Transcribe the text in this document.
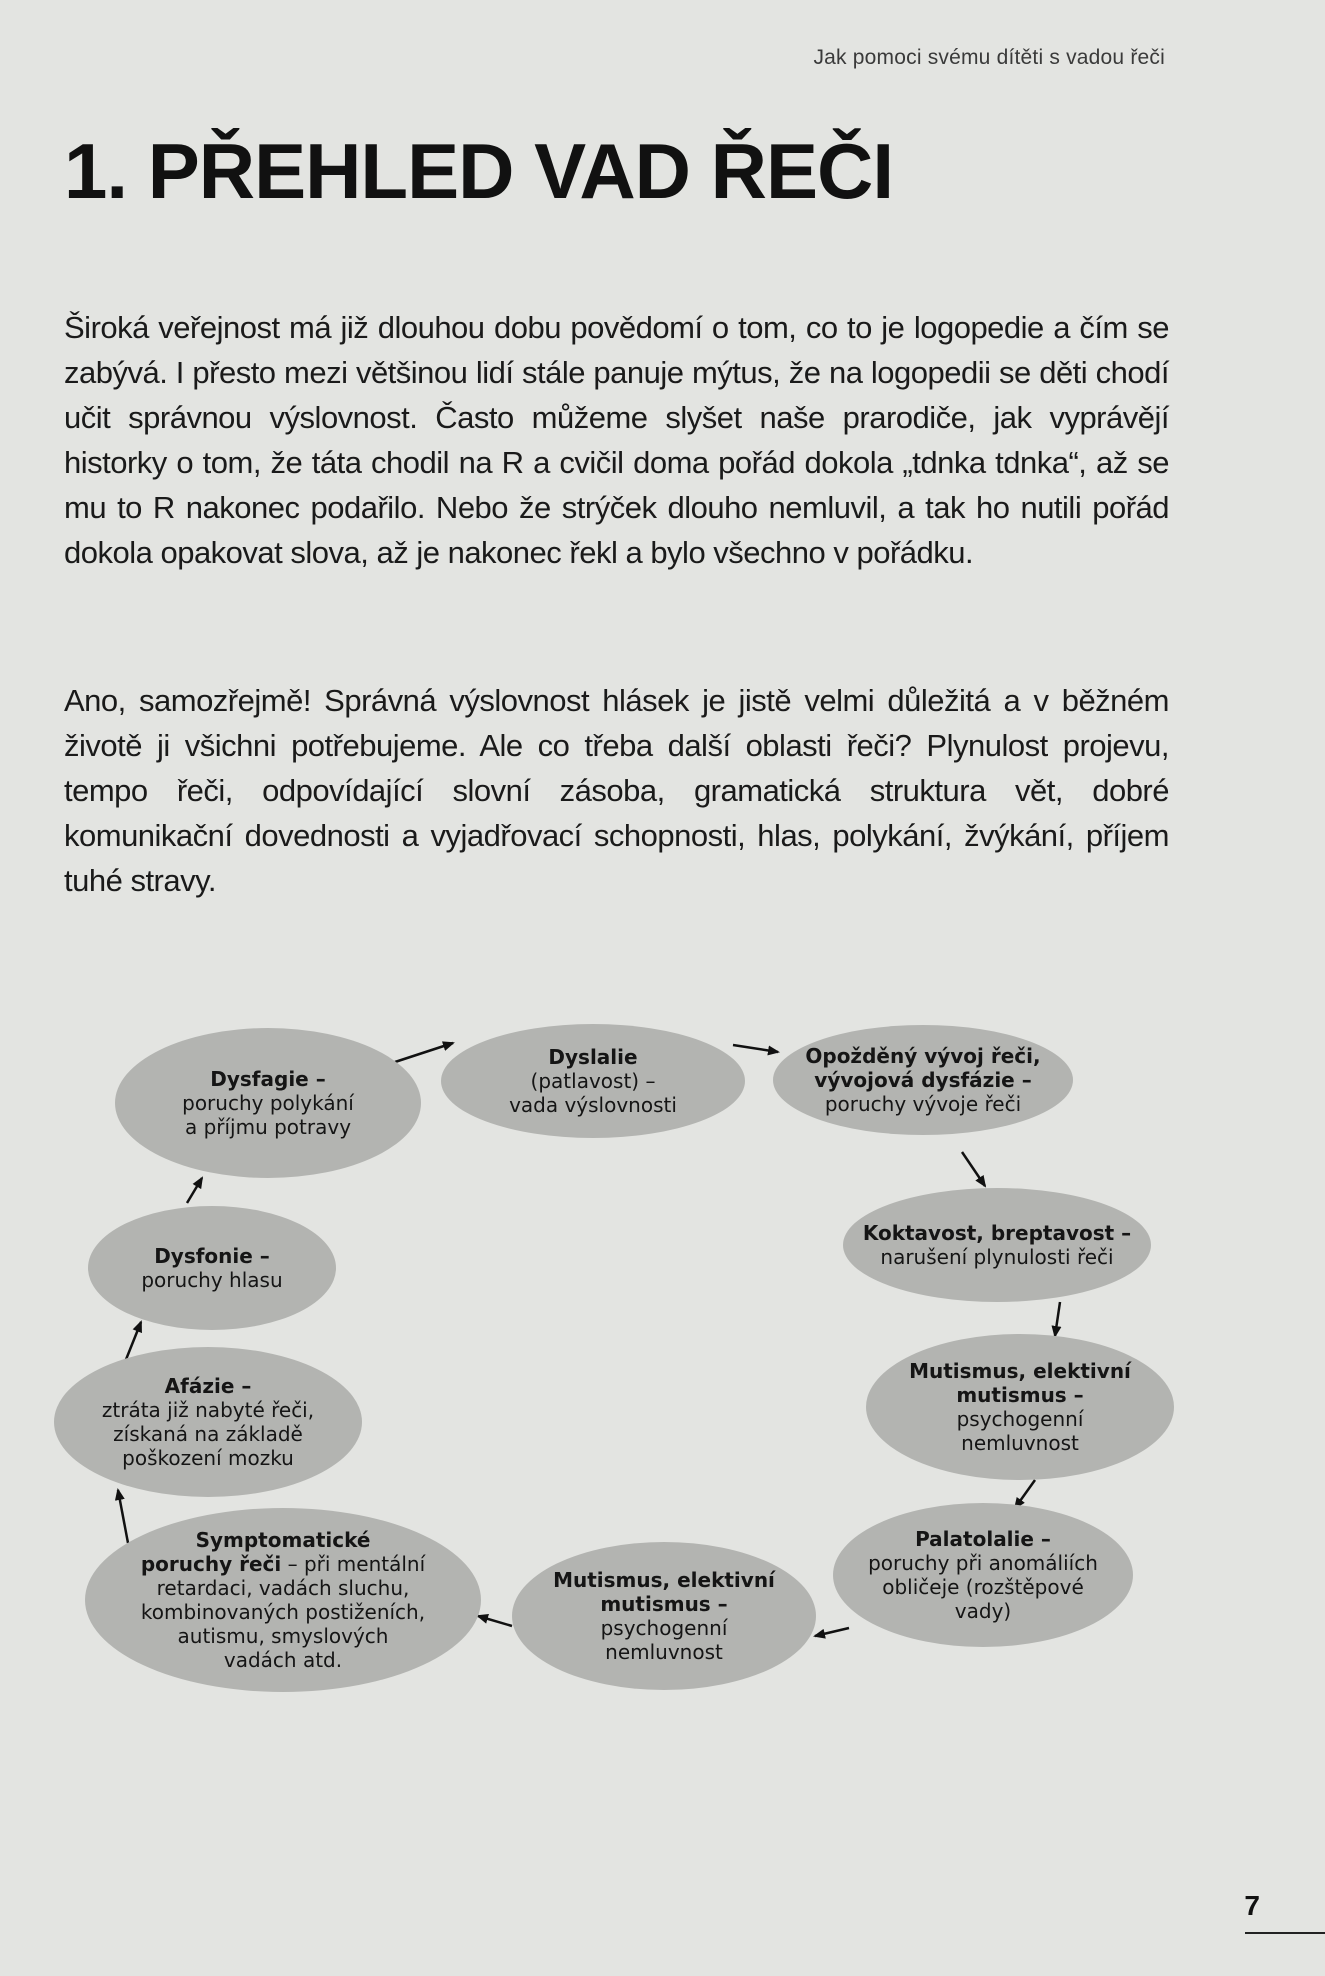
Jak pomoci svému dítěti s vadou řeči
1. PŘEHLED VAD ŘEČI

Široká veřejnost má již dlouhou dobu povědomí o tom, co to je logopedie a čím se zabývá. I přesto mezi většinou lidí stále panuje mýtus, že na logopedii se děti chodí učit správnou výslovnost. Často můžeme slyšet naše prarodiče, jak vyprávějí historky o tom, že táta chodil na R a cvičil doma pořád dokola „tdnka tdnka“, až se mu to R nakonec podařilo. Nebo že strýček dlouho nemluvil, a tak ho nutili pořád dokola opakovat slova, až je nakonec řekl a bylo všechno v pořádku.

Ano, samozřejmě! Správná výslovnost hlásek je jistě velmi důležitá a v běžném životě ji všichni potřebujeme. Ale co třeba další oblasti řeči? Plynulost projevu, tempo řeči, odpovídající slovní zásoba, gramatická struktura vět, dobré komunikační dovednosti a vyjadřovací schopnosti, hlas, polykání, žvýkání, příjem tuhé stravy.

Dyslalie
(patlavost) –
vada výslovnosti
Opožděný vývoj řeči,
vývojová dysfázie –
poruchy vývoje řeči
Koktavost, breptavost –
narušení plynulosti řeči
Mutismus, elektivní
mutismus –
psychogenní
nemluvnost
Palatolalie –
poruchy při anomáliích
obličeje (rozštěpové
vady)
Mutismus, elektivní
mutismus –
psychogenní
nemluvnost
Symptomatické
poruchy řeči – při mentální
retardaci, vadách sluchu,
kombinovaných postiženích,
autismu, smyslových
vadách atd.
Afázie –
ztráta již nabyté řeči,
získaná na základě
poškození mozku
Dysfonie –
poruchy hlasu
Dysfagie –
poruchy polykání
a příjmu potravy
7
